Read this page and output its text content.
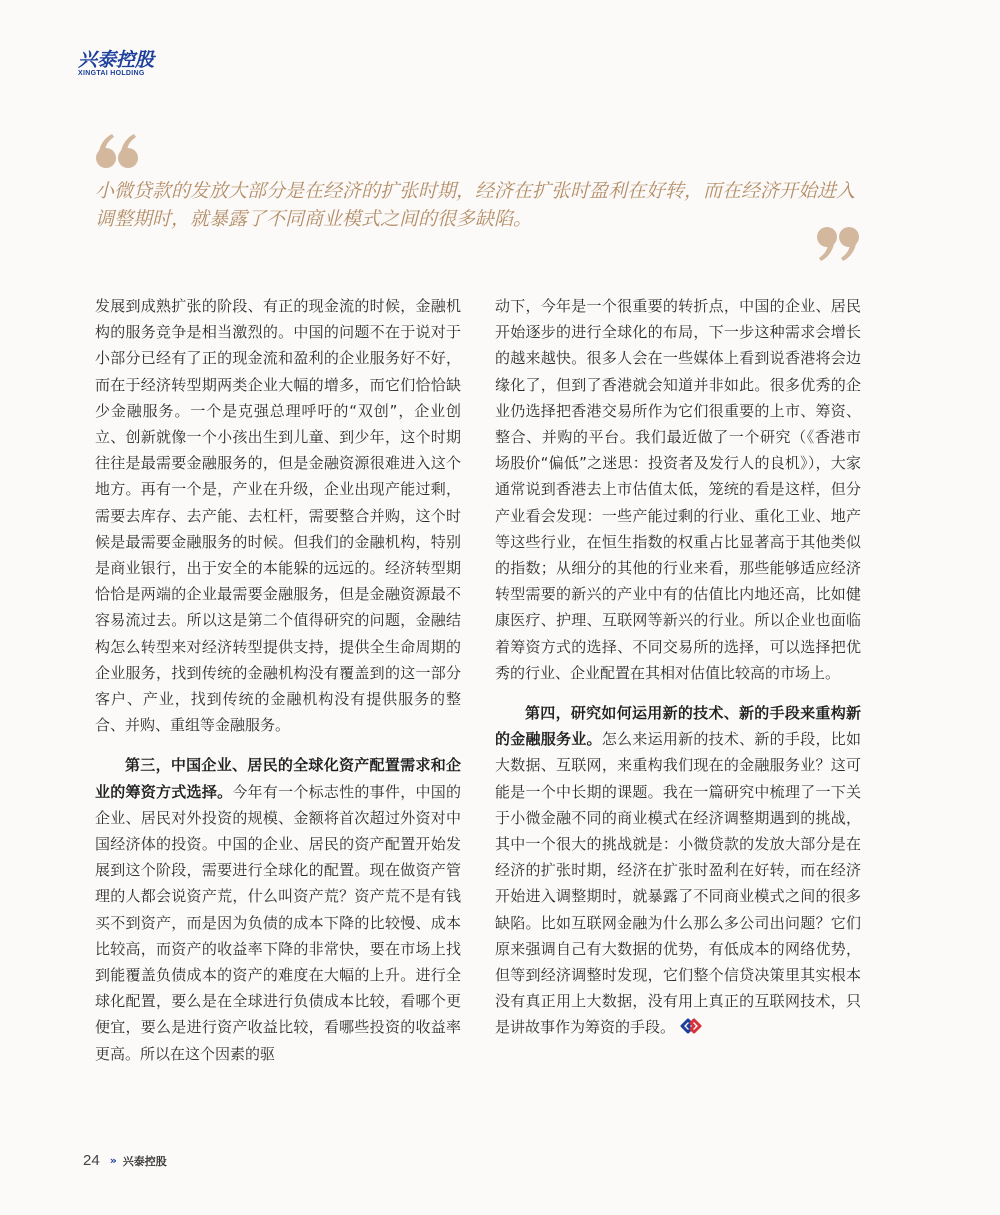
兴泰控股
XINGTAI HOLDING

小微贷款的发放大部分是在经济的扩张时期，经济在扩张时盈利在好转，而在经济开始进入调整期时，就暴露了不同商业模式之间的很多缺陷。

发展到成熟扩张的阶段、有正的现金流的时候，金融机构的服务竞争是相当激烈的。中国的问题不在于说对于小部分已经有了正的现金流和盈利的企业服务好不好，而在于经济转型期两类企业大幅的增多，而它们恰恰缺少金融服务。一个是克强总理呼吁的“双创”，企业创立、创新就像一个小孩出生到儿童、到少年，这个时期往往是最需要金融服务的，但是金融资源很难进入这个地方。再有一个是，产业在升级，企业出现产能过剩，需要去库存、去产能、去杠杆，需要整合并购，这个时候是最需要金融服务的时候。但我们的金融机构，特别是商业银行，出于安全的本能躲的远远的。经济转型期恰恰是两端的企业最需要金融服务，但是金融资源最不容易流过去。所以这是第二个值得研究的问题，金融结构怎么转型来对经济转型提供支持，提供全生命周期的企业服务，找到传统的金融机构没有覆盖到的这一部分客户、产业，找到传统的金融机构没有提供服务的整合、并购、重组等金融服务。

第三，中国企业、居民的全球化资产配置需求和企业的筹资方式选择。今年有一个标志性的事件，中国的企业、居民对外投资的规模、金额将首次超过外资对中国经济体的投资。中国的企业、居民的资产配置开始发展到这个阶段，需要进行全球化的配置。现在做资产管理的人都会说资产荒，什么叫资产荒？资产荒不是有钱买不到资产，而是因为负债的成本下降的比较慢、成本比较高，而资产的收益率下降的非常快，要在市场上找到能覆盖负债成本的资产的难度在大幅的上升。进行全球化配置，要么是在全球进行负债成本比较，看哪个更便宜，要么是进行资产收益比较，看哪些投资的收益率更高。所以在这个因素的驱

动下，今年是一个很重要的转折点，中国的企业、居民开始逐步的进行全球化的布局，下一步这种需求会增长的越来越快。很多人会在一些媒体上看到说香港将会边缘化了，但到了香港就会知道并非如此。很多优秀的企业仍选择把香港交易所作为它们很重要的上市、筹资、整合、并购的平台。我们最近做了一个研究（《香港市场股价“偏低”之迷思：投资者及发行人的良机》），大家通常说到香港去上市估值太低，笼统的看是这样，但分产业看会发现：一些产能过剩的行业、重化工业、地产等这些行业，在恒生指数的权重占比显著高于其他类似的指数；从细分的其他的行业来看，那些能够适应经济转型需要的新兴的产业中有的估值比内地还高，比如健康医疗、护理、互联网等新兴的行业。所以企业也面临着筹资方式的选择、不同交易所的选择，可以选择把优秀的行业、企业配置在其相对估值比较高的市场上。

第四，研究如何运用新的技术、新的手段来重构新的金融服务业。怎么来运用新的技术、新的手段，比如大数据、互联网，来重构我们现在的金融服务业？这可能是一个中长期的课题。我在一篇研究中梳理了一下关于小微金融不同的商业模式在经济调整期遇到的挑战，其中一个很大的挑战就是：小微贷款的发放大部分是在经济的扩张时期，经济在扩张时盈利在好转，而在经济开始进入调整期时，就暴露了不同商业模式之间的很多缺陷。比如互联网金融为什么那么多公司出问题？它们原来强调自己有大数据的优势，有低成本的网络优势，但等到经济调整时发现，它们整个信贷决策里其实根本没有真正用上大数据，没有用上真正的互联网技术，只是讲故事作为筹资的手段。

24 » 兴泰控股
